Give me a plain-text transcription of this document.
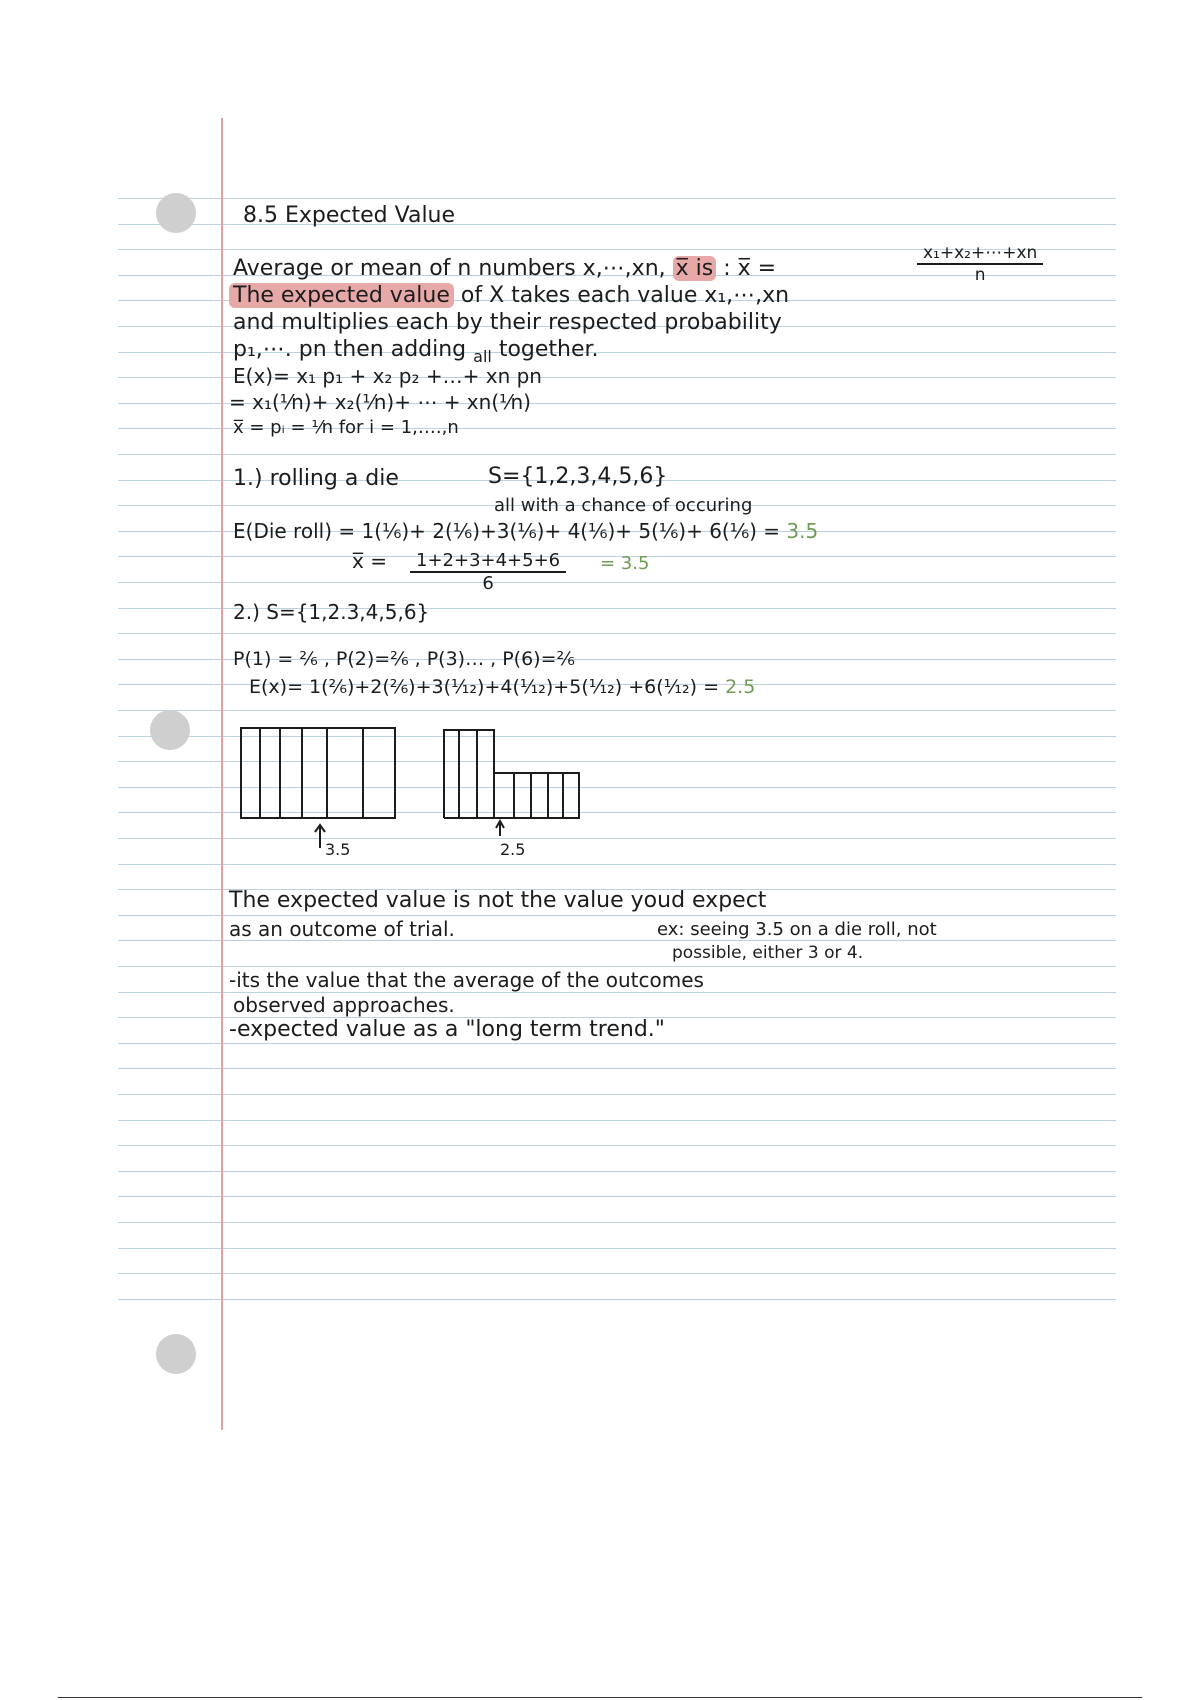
8.5 Expected Value
Average or mean of n numbers x,⋯,xn, x̅ is : x̅ =
x₁+x₂+⋯+xn
n
The expected value of X takes each value x₁,⋯,xn
and multiplies each by their respected probability
p₁,⋯. pn then adding $_{all}$ together.
E(x)= x₁ p₁ + x₂ p₂ +…+ xn pn
= x₁(¹⁄n)+ x₂(¹⁄n)+ ⋯ + xn(¹⁄n)
x̅ = pᵢ = ¹⁄n for i = 1,….,n
1.) rolling a die	S={1,2,3,4,5,6}
all with a chance of occuring
E(Die roll) = 1(¹⁄₆)+ 2(¹⁄₆)+3(¹⁄₆)+ 4(¹⁄₆)+ 5(¹⁄₆)+ 6(¹⁄₆) = 3.5
x̅ =	1+2+3+4+5+6
6
= 3.5
2.) S={1,2.3,4,5,6}
P(1) = ²⁄₆ , P(2)=²⁄₆ , P(3)… , P(6)=²⁄₆
E(x)= 1(²⁄₆)+2(²⁄₆)+3(¹⁄₁₂)+4(¹⁄₁₂)+5(¹⁄₁₂) +6(¹⁄₁₂) = 2.5
3.5	2.5
The expected value is not the value youd expect
as an outcome of trial.	ex: seeing 3.5 on a die roll, not
possible, either 3 or 4.
-its the value that the average of the outcomes
observed approaches.
-expected value as a "long term trend."
